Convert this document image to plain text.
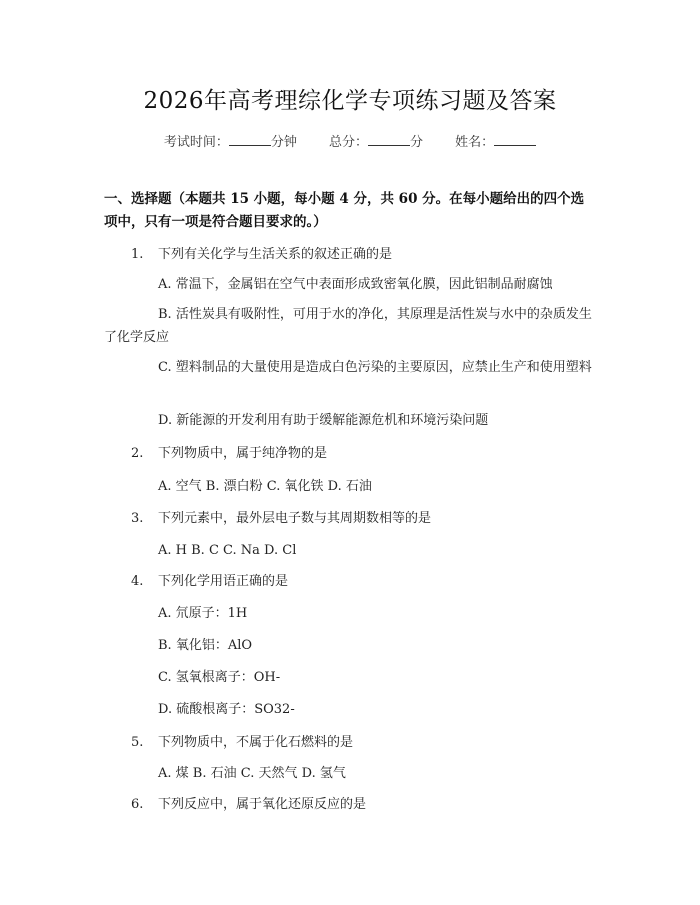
2026年高考理综化学专项练习题及答案
考试时间：	分钟 总分：	分 姓名：
一、选择题（本题共 15 小题，每小题 4 分，共 60 分。在每小题给出的四个选项中，只有一项是符合题目要求的。）
1. 下列有关化学与生活关系的叙述正确的是
A. 常温下，金属铝在空气中表面形成致密氧化膜，因此铝制品耐腐蚀
B. 活性炭具有吸附性，可用于水的净化，其原理是活性炭与水中的杂质发生了化学反应
C. 塑料制品的大量使用是造成白色污染的主要原因，应禁止生产和使用塑料
D. 新能源的开发利用有助于缓解能源危机和环境污染问题
2. 下列物质中，属于纯净物的是
A. 空气 B. 漂白粉 C. 氧化铁 D. 石油
3. 下列元素中，最外层电子数与其周期数相等的是
A. H B. C C. Na D. Cl
4. 下列化学用语正确的是
A. 氘原子：1H
B. 氧化铝：AlO
C. 氢氧根离子：OH-
D. 硫酸根离子：SO32-
5. 下列物质中，不属于化石燃料的是
A. 煤 B. 石油 C. 天然气 D. 氢气
6. 下列反应中，属于氧化还原反应的是
